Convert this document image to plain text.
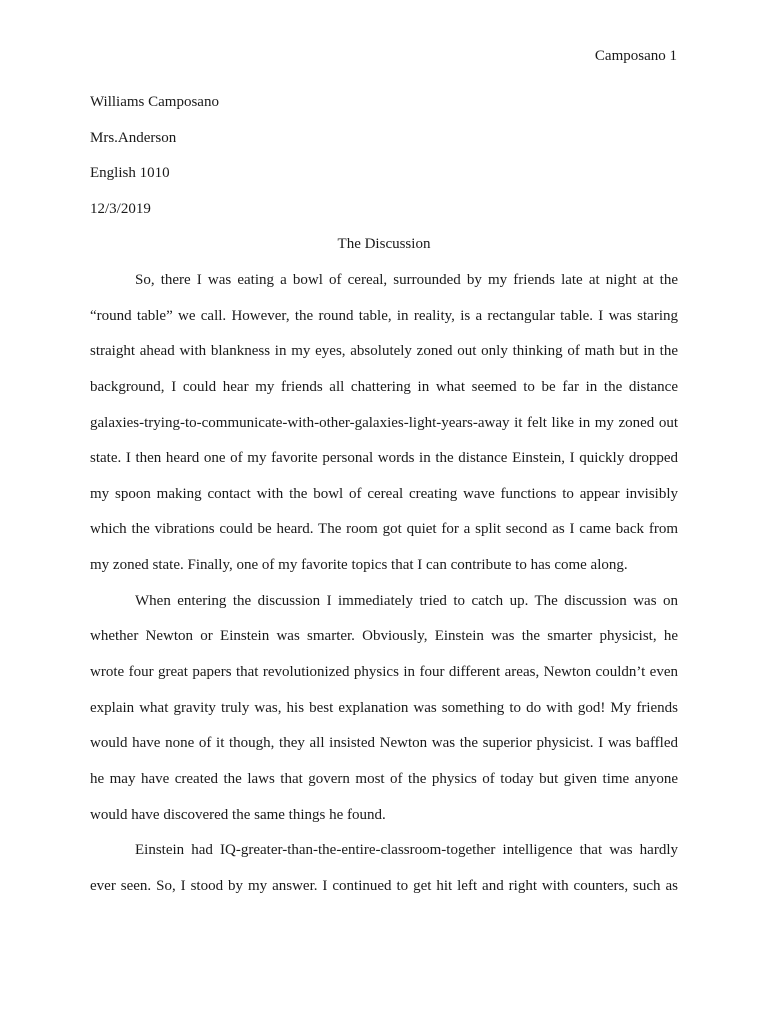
Camposano 1
Williams Camposano
Mrs.Anderson
English 1010
12/3/2019
The Discussion
So, there I was eating a bowl of cereal, surrounded by my friends late at night at the
“round table” we call. However, the round table, in reality, is a rectangular table. I was staring
straight ahead with blankness in my eyes, absolutely zoned out only thinking of math but in the
background, I could hear my friends all chattering in what seemed to be far in the distance
galaxies-trying-to-communicate-with-other-galaxies-light-years-away it felt like in my zoned out
state. I then heard one of my favorite personal words in the distance Einstein, I quickly dropped
my spoon making contact with the bowl of cereal creating wave functions to appear invisibly
which the vibrations could be heard. The room got quiet for a split second as I came back from
my zoned state. Finally, one of my favorite topics that I can contribute to has come along.
When entering the discussion I immediately tried to catch up. The discussion was on
whether Newton or Einstein was smarter. Obviously, Einstein was the smarter physicist, he
wrote four great papers that revolutionized physics in four different areas, Newton couldn’t even
explain what gravity truly was, his best explanation was something to do with god! My friends
would have none of it though, they all insisted Newton was the superior physicist. I was baffled
he may have created the laws that govern most of the physics of today but given time anyone
would have discovered the same things he found.
Einstein had IQ-greater-than-the-entire-classroom-together intelligence that was hardly
ever seen. So, I stood by my answer. I continued to get hit left and right with counters, such as
